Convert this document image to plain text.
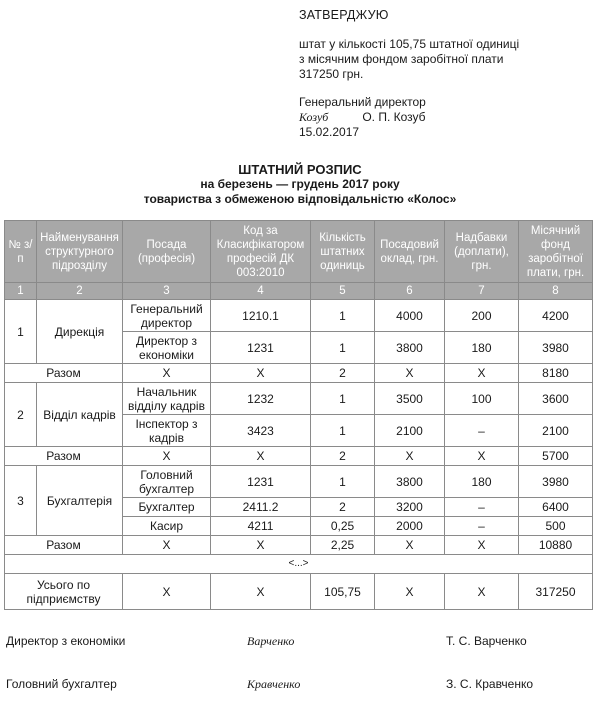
ЗАТВЕРДЖУЮ
штат у кількості 105,75 штатної одиниці
з місячним фондом заробітної плати
317250 грн.
Генеральний директор
Козуб	О. П. Козуб
15.02.2017
ШТАТНИЙ РОЗПИС
на березень — грудень 2017 року
товариства з обмеженою відповідальністю «Колос»
№ з/п	Найменування структурного підрозділу	Посада (професія)	Код за Класифікатором професій ДК 003:2010	Кількість штатних одиниць	Посадовий оклад, грн.	Надбавки (доплати), грн.	Місячний фонд заробітної плати, грн.
1	2	3	4	5	6	7	8
1	Дирекція	Генеральний директор	1210.1	1	4000	200	4200
		Директор з економіки	1231	1	3800	180	3980
Разом		Х	Х	2	Х	Х	8180
2	Відділ кадрів	Начальник відділу кадрів	1232	1	3500	100	3600
		Інспектор з кадрів	3423	1	2100	–	2100
Разом		Х	Х	2	Х	Х	5700
3	Бухгалтерія	Головний бухгалтер	1231	1	3800	180	3980
		Бухгалтер	2411.2	2	3200	–	6400
		Касир	4211	0,25	2000	–	500
Разом		Х	Х	2,25	Х	Х	10880
<...>							
Усього по підприємству		Х	Х	105,75	Х	Х	317250
Директор з економіки	Варченко	Т. С. Варченко
Головний бухгалтер	Кравченко	З. С. Кравченко
